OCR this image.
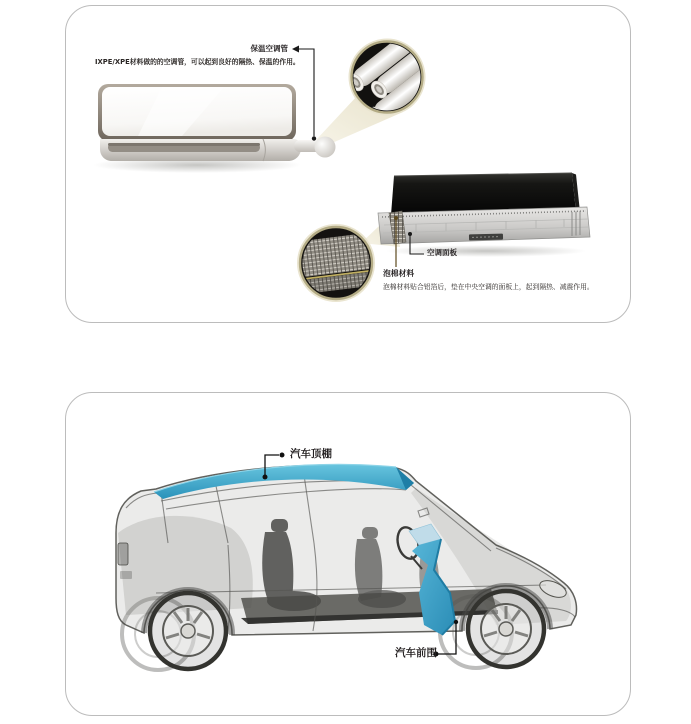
保温空调管
IXPE/XPE材料做的的空调管，可以起到良好的隔热、保温的作用。
空调面板
泡棉材料
泡棉材料贴合铝箔后，垫在中央空调的面板上，起到隔热、减震作用。
汽车顶棚
汽车前围
